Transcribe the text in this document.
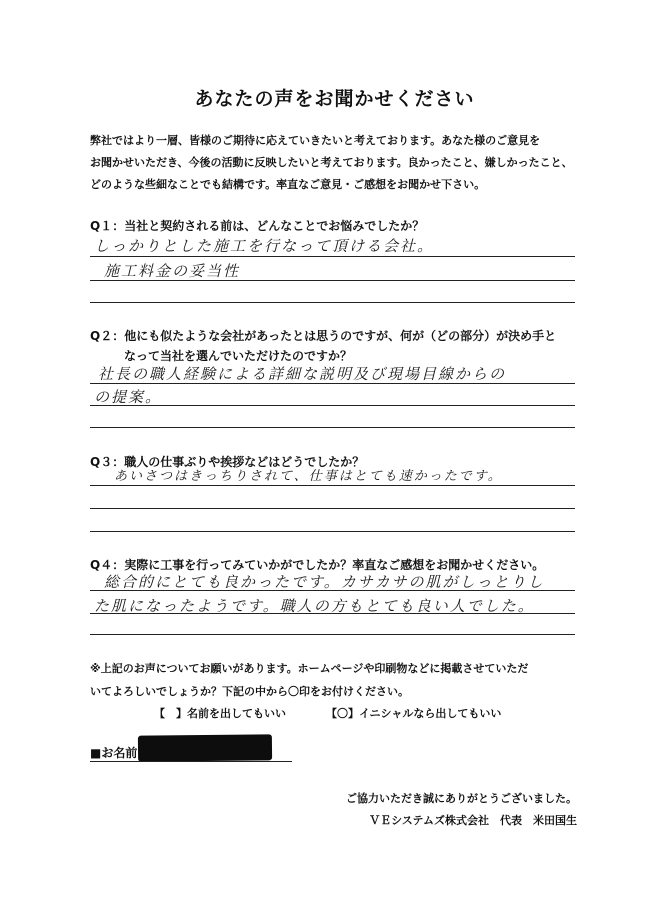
あなたの声をお聞かせください
弊社ではより一層、皆様のご期待に応えていきたいと考えております。あなた様のご意見を
お聞かせいただき、今後の活動に反映したいと考えております。良かったこと、嫌しかったこと、
どのような些細なことでも結構です。率直なご意見・ご感想をお聞かせ下さい。
Q１：当社と契約される前は、どんなことでお悩みでしたか？
しっかりとした施工を行なって頂ける会社。
施工料金の妥当性
Q２：他にも似たような会社があったとは思うのですが、何が（どの部分）が決め手と
なって当社を選んでいただけたのですか？
社長の職人経験による詳細な説明及び現場目線からの
の提案。
Q３：職人の仕事ぶりや挨拶などはどうでしたか？
あいさつはきっちりされて、仕事はとても速かったです。
Q４：実際に工事を行ってみていかがでしたか？率直なご感想をお聞かせください。
総合的にとても良かったです。カサカサの肌がしっとりし
た肌になったようです。職人の方もとても良い人でした。
※上記のお声についてお願いがあります。ホームページや印刷物などに掲載させていただ
いてよろしいでしょうか？下記の中から〇印をお付けください。
【　】名前を出してもいい	【〇】イニシャルなら出してもいい
■お名前
ご協力いただき誠にありがとうございました。
ＶＥシステムズ株式会社　代表　米田国生
